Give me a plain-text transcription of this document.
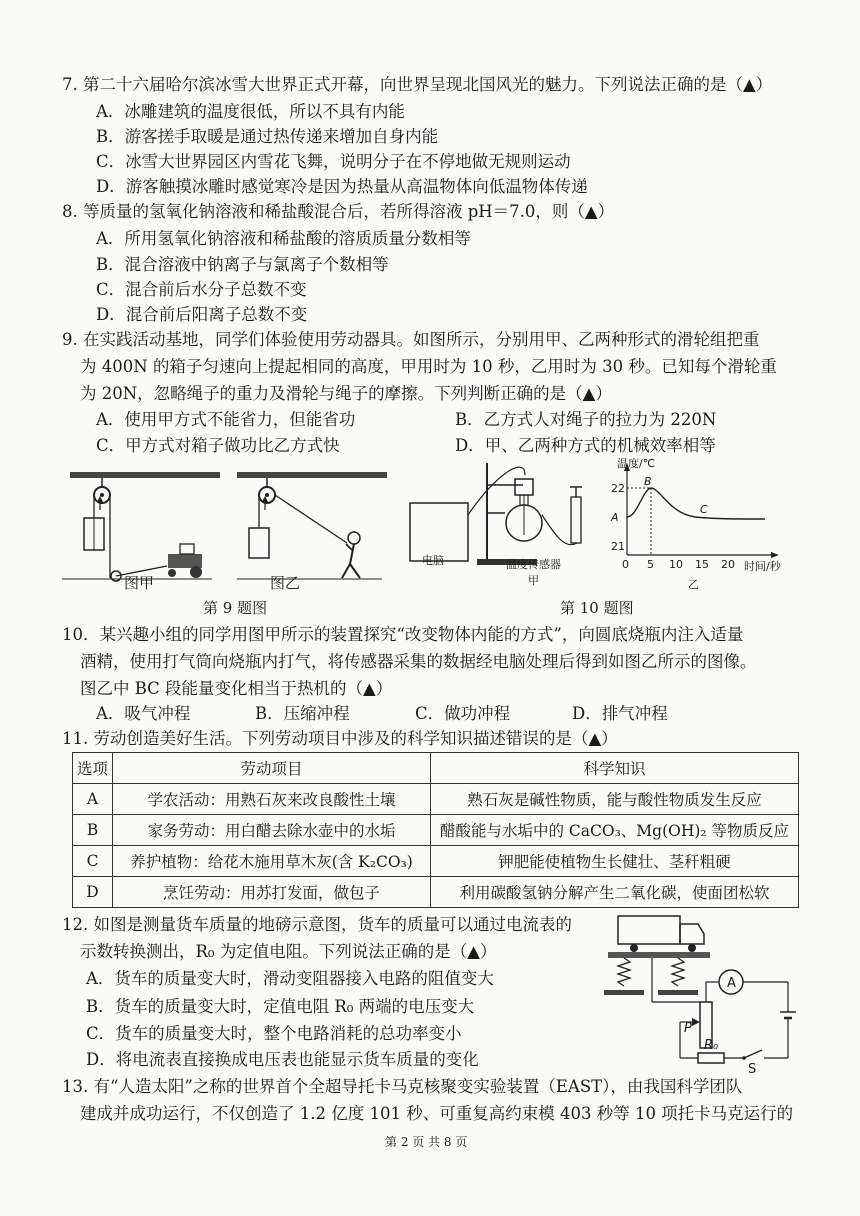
7. 第二十六届哈尔滨冰雪大世界正式开幕，向世界呈现北国风光的魅力。下列说法正确的是（▲）
A．冰雕建筑的温度很低，所以不具有内能
B．游客搓手取暖是通过热传递来增加自身内能
C．冰雪大世界园区内雪花飞舞，说明分子在不停地做无规则运动
D．游客触摸冰雕时感觉寒冷是因为热量从高温物体向低温物体传递
8. 等质量的氢氧化钠溶液和稀盐酸混合后，若所得溶液 pH＝7.0，则（▲）
A．所用氢氧化钠溶液和稀盐酸的溶质质量分数相等
B．混合溶液中钠离子与氯离子个数相等
C．混合前后水分子总数不变
D．混合前后阳离子总数不变
9. 在实践活动基地，同学们体验使用劳动器具。如图所示，分别用甲、乙两种形式的滑轮组把重
为 400N 的箱子匀速向上提起相同的高度，甲用时为 10 秒，乙用时为 30 秒。已知每个滑轮重
为 20N，忽略绳子的重力及滑轮与绳子的摩擦。下列判断正确的是（▲）
A．使用甲方式不能省力，但能省功	B．乙方式人对绳子的拉力为 220N
C．甲方式对箱子做功比乙方式快	D．甲、乙两种方式的机械效率相等
图甲	图乙
第 9 题图
电脑	温度传感器
甲
温度/℃
22
A
21
B
C
0 5 10 15 20 时间/秒
乙
第 10 题图
10．某兴趣小组的同学用图甲所示的装置探究“改变物体内能的方式”，向圆底烧瓶内注入适量
酒精，使用打气筒向烧瓶内打气，将传感器采集的数据经电脑处理后得到如图乙所示的图像。
图乙中 BC 段能量变化相当于热机的（▲）
A．吸气冲程	B．压缩冲程	C．做功冲程	D．排气冲程
11. 劳动创造美好生活。下列劳动项目中涉及的科学知识描述错误的是（▲）
选项	劳动项目	科学知识
A	学农活动：用熟石灰来改良酸性土壤	熟石灰是碱性物质，能与酸性物质发生反应
B	家务劳动：用白醋去除水壶中的水垢	醋酸能与水垢中的 CaCO₃、Mg(OH)₂ 等物质反应
C	养护植物：给花木施用草木灰(含 K₂CO₃)	钾肥能使植物生长健壮、茎秆粗硬
D	烹饪劳动：用苏打发面，做包子	利用碳酸氢钠分解产生二氧化碳，使面团松软
12. 如图是测量货车质量的地磅示意图，货车的质量可以通过电流表的
示数转换测出，R₀ 为定值电阻。下列说法正确的是（▲）
A．货车的质量变大时，滑动变阻器接入电路的阻值变大
B．货车的质量变大时，定值电阻 R₀ 两端的电压变大
C．货车的质量变大时，整个电路消耗的总功率变小
D．将电流表直接换成电压表也能显示货车质量的变化
A
P
R₀
S
13. 有“人造太阳”之称的世界首个全超导托卡马克核聚变实验装置（EAST），由我国科学团队
建成并成功运行，不仅创造了 1.2 亿度 101 秒、可重复高约束模 403 秒等 10 项托卡马克运行的
第 2 页 共 8 页
